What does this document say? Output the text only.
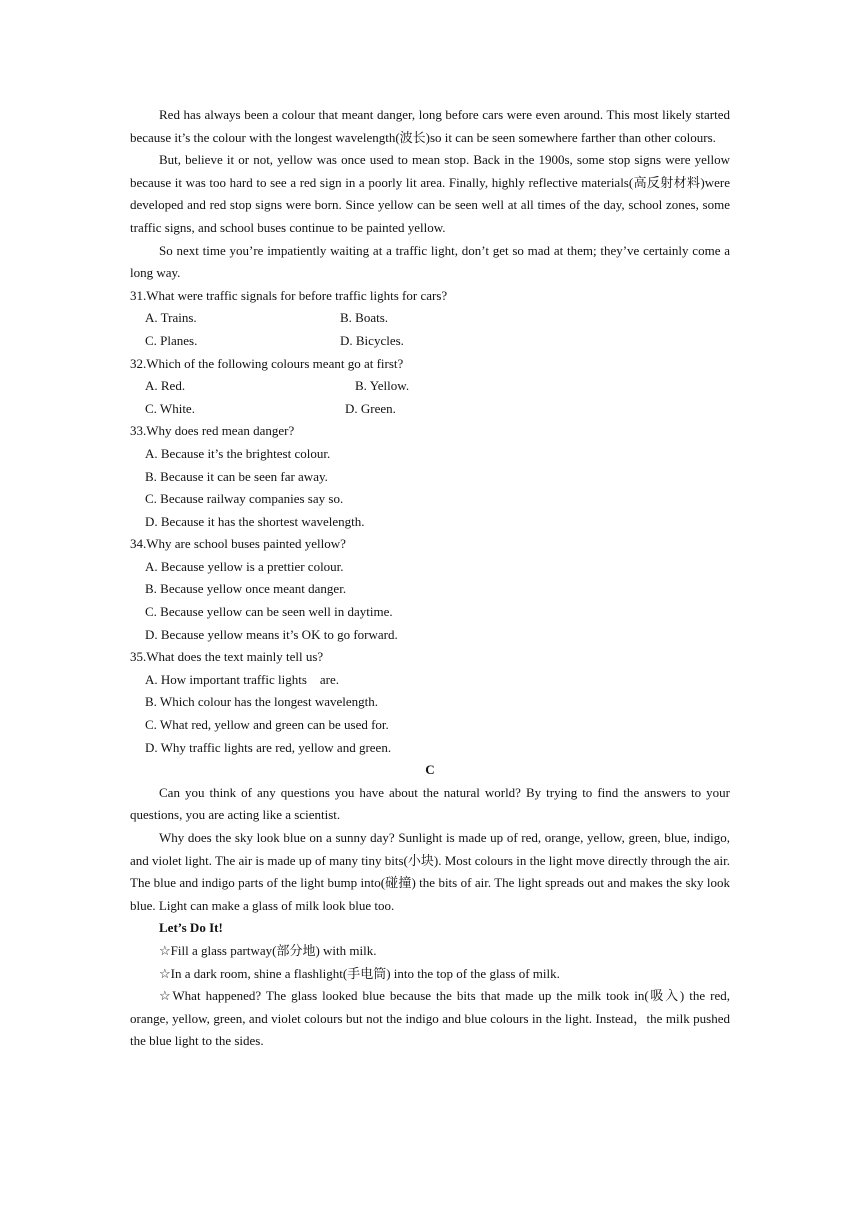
Red has always been a colour that meant danger, long before cars were even around. This most likely started because it’s the colour with the longest wavelength(波长)so it can be seen somewhere farther than other colours.

But, believe it or not, yellow was once used to mean stop. Back in the 1900s, some stop signs were yellow because it was too hard to see a red sign in a poorly lit area. Finally, highly reflective materials(高反射材料)were developed and red stop signs were born. Since yellow can be seen well at all times of the day, school zones, some traffic signs, and school buses continue to be painted yellow.

So next time you’re impatiently waiting at a traffic light, don’t get so mad at them; they’ve certainly come a long way.

31.What were traffic signals for before traffic lights for cars?

A. Trains.	B. Boats.
C. Planes.	D. Bicycles.

32.Which of the following colours meant go at first?

A. Red.	B. Yellow.
C. White.	D. Green.

33.Why does red mean danger?

A. Because it’s the brightest colour.

B. Because it can be seen far away.

C. Because railway companies say so.

D. Because it has the shortest wavelength.

34.Why are school buses painted yellow?

A. Because yellow is a prettier colour.

B. Because yellow once meant danger.

C. Because yellow can be seen well in daytime.

D. Because yellow means it’s OK to go forward.

35.What does the text mainly tell us?

A. How important traffic lights　are.

B. Which colour has the longest wavelength.

C. What red, yellow and green can be used for.

D. Why traffic lights are red, yellow and green.

C

Can you think of any questions you have about the natural world? By trying to find the answers to your questions, you are acting like a scientist.

Why does the sky look blue on a sunny day? Sunlight is made up of red, orange, yellow, green, blue, indigo, and violet light. The air is made up of many tiny bits(小块). Most colours in the light move directly through the air. The blue and indigo parts of the light bump into(碰撞) the bits of air. The light spreads out and makes the sky look blue. Light can make a glass of milk look blue too.

Let’s Do It!

☆Fill a glass partway(部分地) with milk.

☆In a dark room, shine a flashlight(手电筒) into the top of the glass of milk.

☆What happened? The glass looked blue because the bits that made up the milk took in(吸入) the red, orange, yellow, green, and violet colours but not the indigo and blue colours in the light. Instead，the milk pushed the blue light to the sides.
